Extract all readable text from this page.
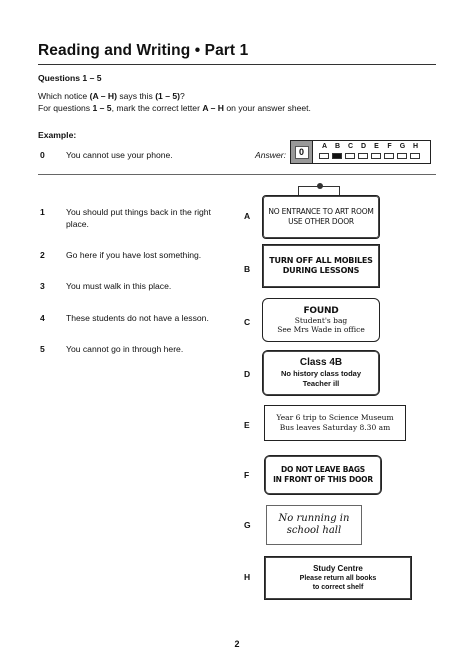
Reading and Writing • Part 1
Questions 1 – 5
Which notice (A – H) says this (1 – 5)?
For questions 1 – 5, mark the correct letter A – H on your answer sheet.
Example:
0 You cannot use your phone.	Answer:	0
A	B	C	D	E	F	G	H
1 You should put things back in the right place.
2 Go here if you have lost something.
3 You must walk in this place.
4 These students do not have a lesson.
5 You cannot go in through here.
A
B
C
D
E
F
G
H
NO ENTRANCE TO ART ROOM
USE OTHER DOOR
TURN OFF ALL MOBILES
DURING LESSONS
FOUND
Student's bag
See Mrs Wade in office
Class 4B
No history class today
Teacher ill
Year 6 trip to Science Museum
Bus leaves Saturday 8.30 am
DO NOT LEAVE BAGS
IN FRONT OF THIS DOOR
No running in
school hall
Study Centre
Please return all books
to correct shelf
2
